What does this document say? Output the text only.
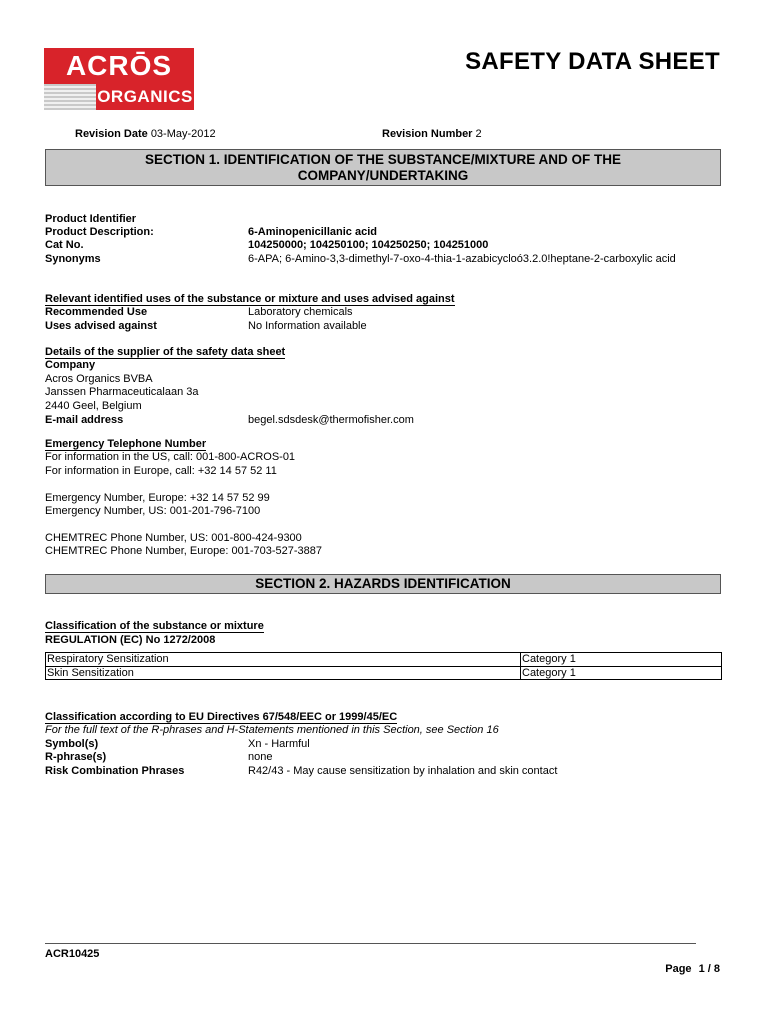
ACRŌS
ORGANICS
SAFETY DATA SHEET
Revision Date 03-May-2012	Revision Number 2
SECTION 1. IDENTIFICATION OF THE SUBSTANCE/MIXTURE AND OF THE
COMPANY/UNDERTAKING
Product Identifier
Product Description:	6-Aminopenicillanic acid
Cat No.	104250000; 104250100; 104250250; 104251000
Synonyms	6-APA; 6-Amino-3,3-dimethyl-7-oxo-4-thia-1-azabicycloó3.2.0!heptane-2-carboxylic acid
Relevant identified uses of the substance or mixture and uses advised against
Recommended Use	Laboratory chemicals
Uses advised against	No Information available
Details of the supplier of the safety data sheet
Company
Acros Organics BVBA
Janssen Pharmaceuticalaan 3a
2440 Geel, Belgium
E-mail address	begel.sdsdesk@thermofisher.com
Emergency Telephone Number
For information in the US, call: 001-800-ACROS-01
For information in Europe, call: +32 14 57 52 11
Emergency Number, Europe: +32 14 57 52 99
Emergency Number, US: 001-201-796-7100
CHEMTREC Phone Number, US: 001-800-424-9300
CHEMTREC Phone Number, Europe: 001-703-527-3887
SECTION 2. HAZARDS IDENTIFICATION
Classification of the substance or mixture
REGULATION (EC) No 1272/2008
Respiratory Sensitization	Category 1
Skin Sensitization	Category 1
Classification according to EU Directives 67/548/EEC or 1999/45/EC
For the full text of the R-phrases and H-Statements mentioned in this Section, see Section 16
Symbol(s)	Xn - Harmful
R-phrase(s)	none
Risk Combination Phrases	R42/43 - May cause sensitization by inhalation and skin contact
ACR10425
Page 1 / 8
